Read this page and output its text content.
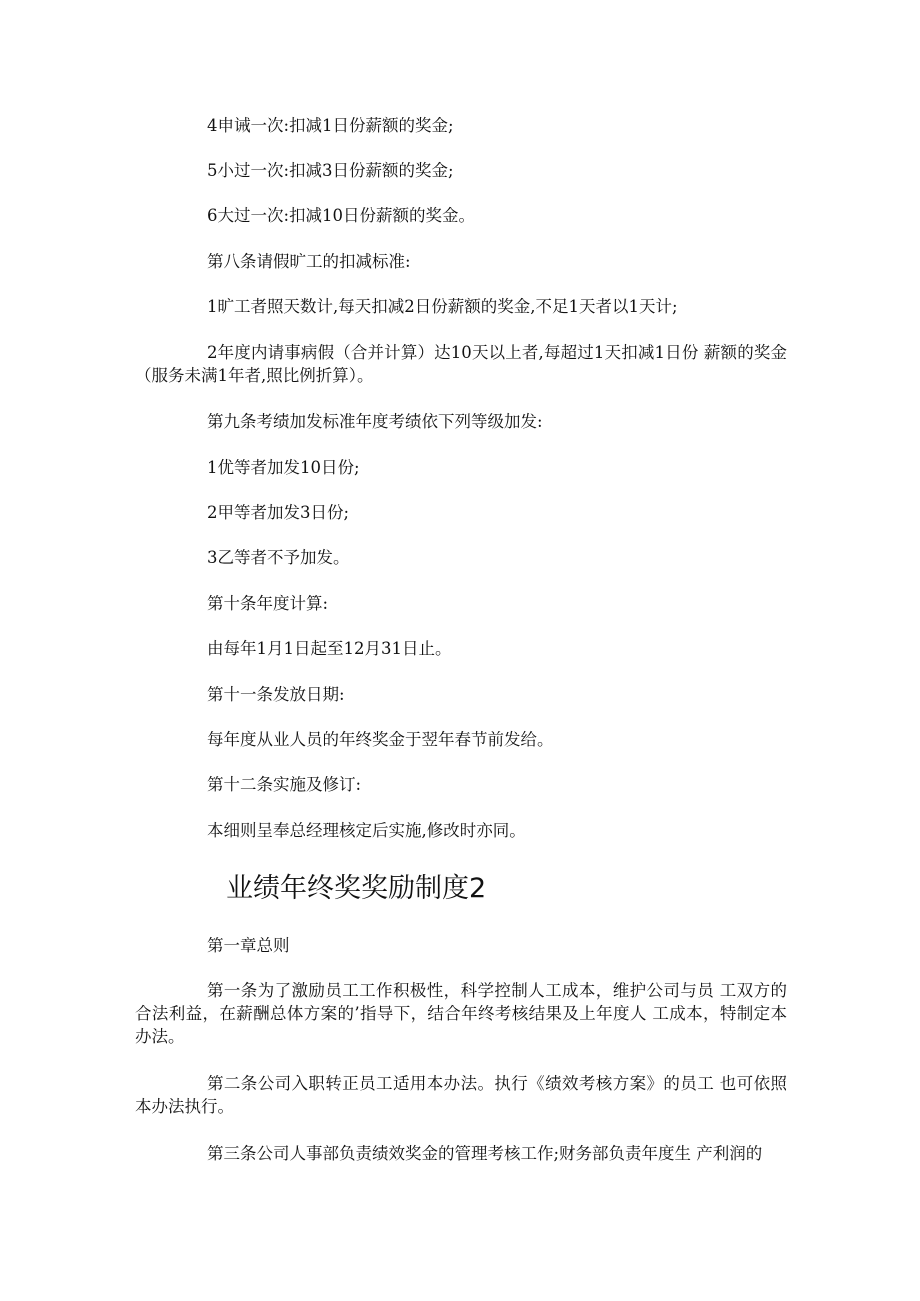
4申诫一次:扣减1日份薪额的奖金;

5小过一次:扣减3日份薪额的奖金;

6大过一次:扣减10日份薪额的奖金。

第八条请假旷工的扣减标准:

1旷工者照天数计,每天扣减2日份薪额的奖金,不足1天者以1天计;

2年度内请事病假（合并计算）达10天以上者,每超过1天扣减1日份 薪额的奖金（服务未满1年者,照比例折算）。

第九条考绩加发标准年度考绩依下列等级加发:

1优等者加发10日份;

2甲等者加发3日份;

3乙等者不予加发。

第十条年度计算:

由每年1月1日起至12月31日止。

第十一条发放日期:

每年度从业人员的年终奖金于翌年春节前发给。

第十二条实施及修订:

本细则呈奉总经理核定后实施,修改时亦同。

业绩年终奖奖励制度2

第一章总则

第一条为了激励员工工作积极性，科学控制人工成本，维护公司与员 工双方的合法利益，在薪酬总体方案的’指导下，结合年终考核结果及上年度人 工成本，特制定本办法。

第二条公司入职转正员工适用本办法。执行《绩效考核方案》的员工 也可依照本办法执行。

第三条公司人事部负责绩效奖金的管理考核工作;财务部负责年度生 产利润的
